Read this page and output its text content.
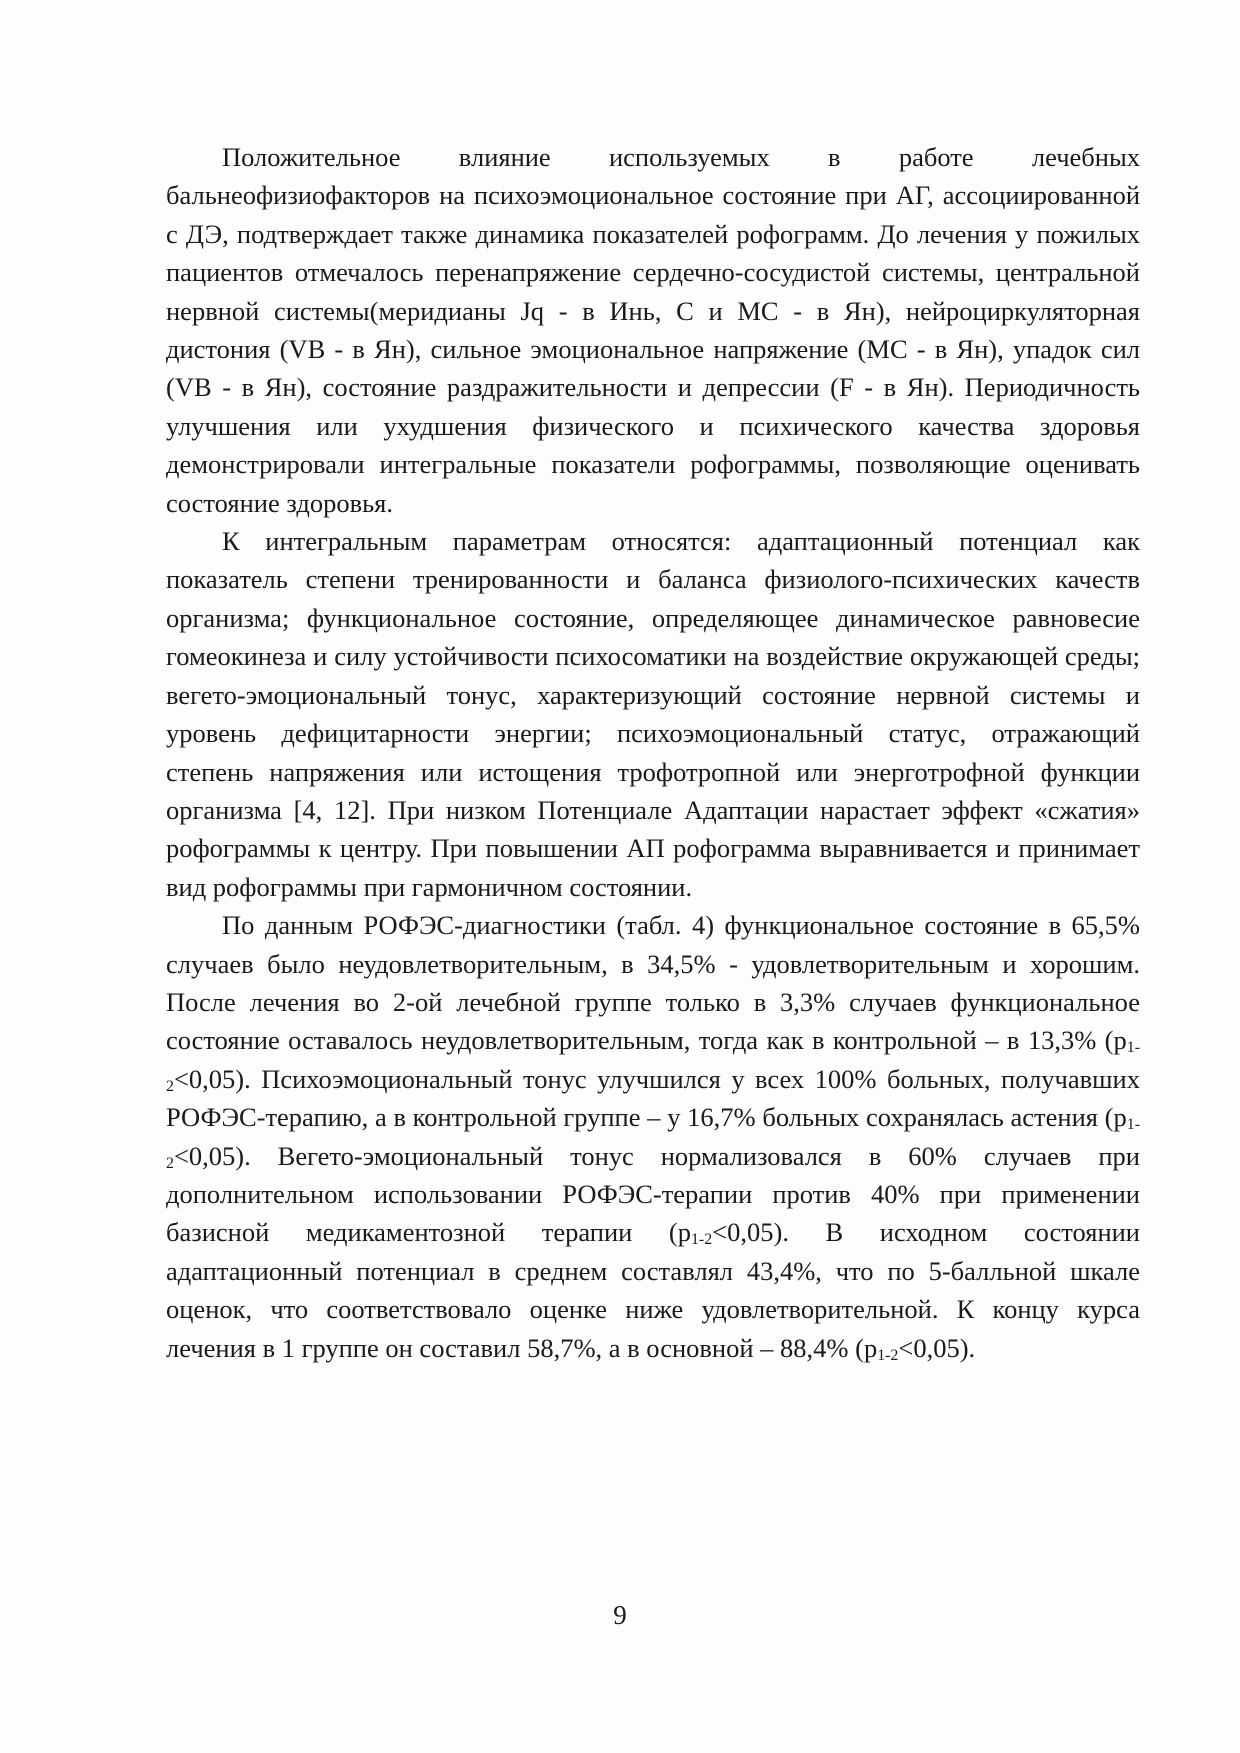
Положительное влияние используемых в работе лечебных бальнеофизиофакторов на психоэмоциональное состояние при АГ, ассоциированной с ДЭ, подтверждает также динамика показателей рофограмм. До лечения у пожилых пациентов отмечалось перенапряжение сердечно-сосудистой системы, центральной нервной системы(меридианы Jq - в Инь, С и МС - в Ян), нейроциркуляторная дистония (VB - в Ян), сильное эмоциональное напряжение (МС - в Ян), упадок сил (VB - в Ян), состояние раздражительности и депрессии (F - в Ян). Периодичность улучшения или ухудшения физического и психического качества здоровья демонстрировали интегральные показатели рофограммы, позволяющие оценивать состояние здоровья.

К интегральным параметрам относятся: адаптационный потенциал как показатель степени тренированности и баланса физиолого-психических качеств организма; функциональное состояние, определяющее динамическое равновесие гомеокинеза и силу устойчивости психосоматики на воздействие окружающей среды; вегето-эмоциональный тонус, характеризующий состояние нервной системы и уровень дефицитарности энергии; психоэмоциональный статус, отражающий степень напряжения или истощения трофотропной или энерготрофной функции организма [4, 12]. При низком Потенциале Адаптации нарастает эффект «сжатия» рофограммы к центру. При повышении АП рофограмма выравнивается и принимает вид рофограммы при гармоничном состоянии.

По данным РОФЭС-диагностики (табл. 4) функциональное состояние в 65,5% случаев было неудовлетворительным, в 34,5% - удовлетворительным и хорошим. После лечения во 2-ой лечебной группе только в 3,3% случаев функциональное состояние оставалось неудовлетворительным, тогда как в контрольной – в 13,3% $(р_{1-2}<0,05)$. Психоэмоциональный тонус улучшился у всех 100% больных, получавших РОФЭС-терапию, а в контрольной группе – у 16,7% больных сохранялась астения $(р_{1-2}<0,05)$. Вегето-эмоциональный тонус нормализовался в 60% случаев при дополнительном использовании РОФЭС-терапии против 40% при применении базисной медикаментозной терапии $(р_{1-2}<0,05)$. В исходном состоянии адаптационный потенциал в среднем составлял 43,4%, что по 5-балльной шкале оценок, что соответствовало оценке ниже удовлетворительной. К концу курса лечения в 1 группе он составил 58,7%, а в основной – 88,4% $(р_{1-2}<0,05)$.

9
